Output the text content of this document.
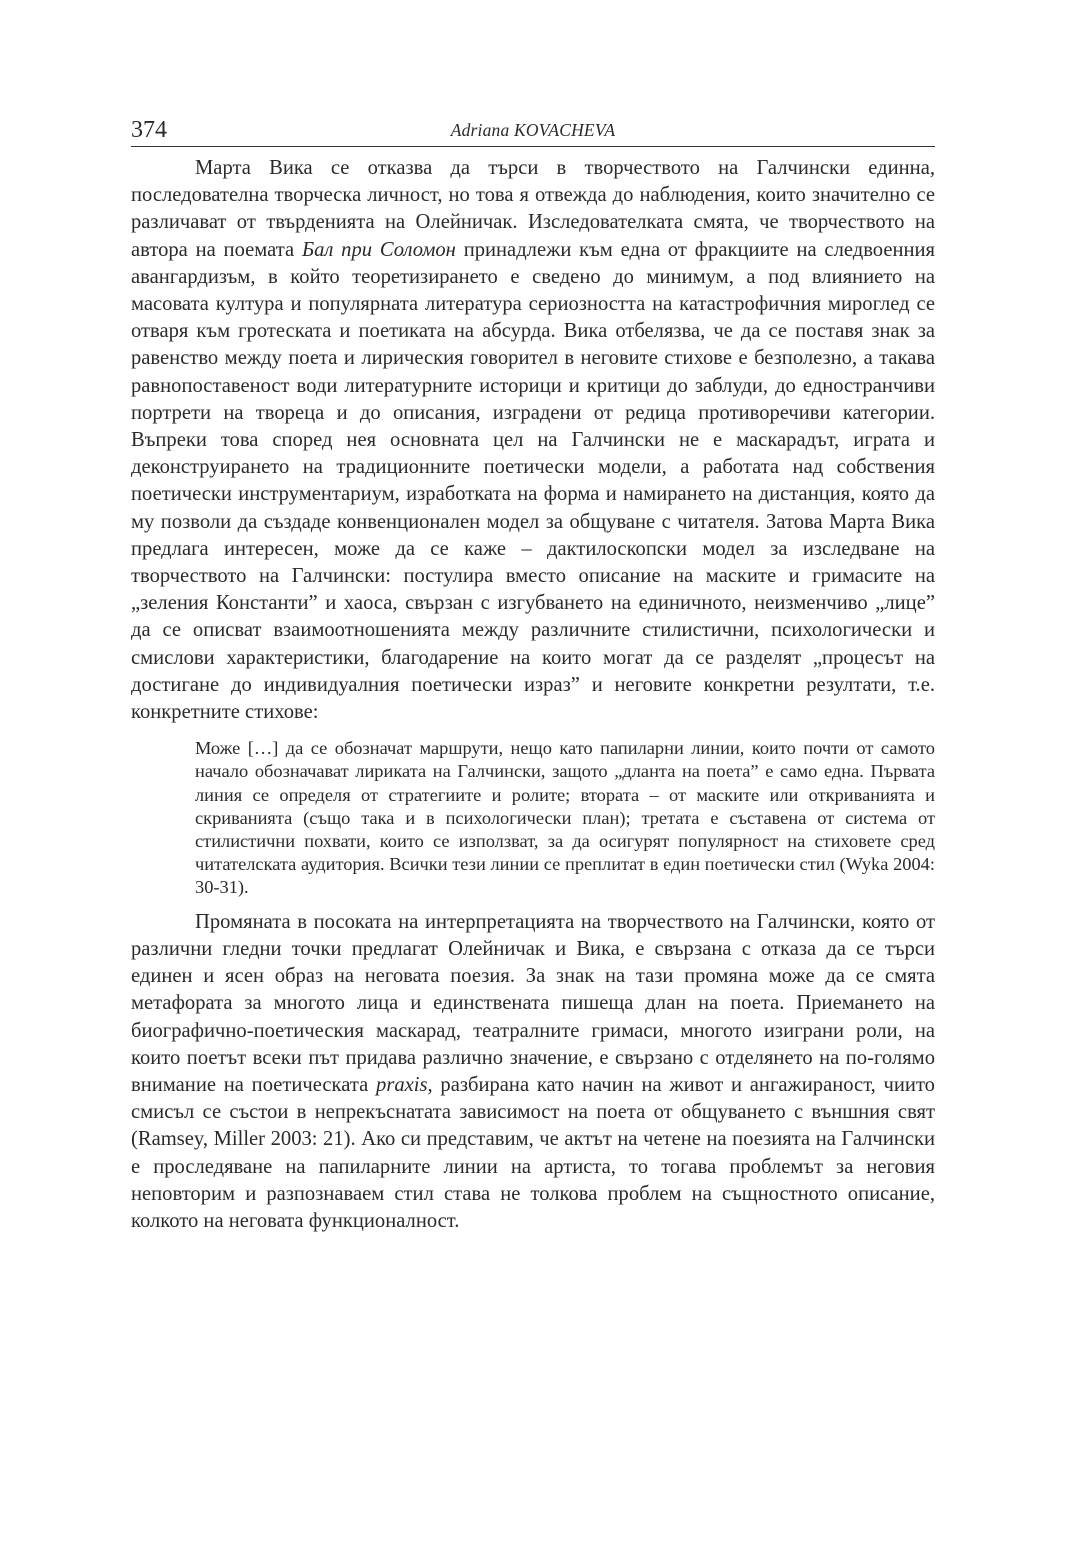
374	Adriana KOVACHEVA

Марта Вика се отказва да търси в творчеството на Галчински единна, последователна творческа личност, но това я отвежда до наблюдения, които значително се различават от твърденията на Олейничак. Изследователката смята, че творчеството на автора на поемата Бал при Соломон принадлежи към една от фракциите на следвоенния авангардизъм, в който теоретизирането е сведено до минимум, а под влиянието на масовата култура и популярната литература сериозността на катастрофичния мироглед се отваря към гротеската и поетиката на абсурда. Вика отбелязва, че да се поставя знак за равенство между поета и лирическия говорител в неговите стихове е безполезно, а такава равнопоставеност води литературните историци и критици до заблуди, до едностранчиви портрети на твореца и до описания, изградени от редица противоречиви категории. Въпреки това според нея основната цел на Галчински не е маскарадът, играта и деконструирането на традиционните поетически модели, а работата над собствения поетически инструментариум, изработката на форма и намирането на дистанция, която да му позволи да създаде конвенционален модел за общуване с читателя. Затова Марта Вика предлага интересен, може да се каже – дактилоскопски модел за изследване на творчеството на Галчински: постулира вместо описание на маските и гримасите на „зеления Константи” и хаоса, свързан с изгубването на единичното, неизменчиво „лице” да се описват взаимоотношенията между различните стилистични, психологически и смислови характеристики, благодарение на които могат да се разделят „процесът на достигане до индивидуалния поетически израз” и неговите конкретни резултати, т.е. конкретните стихове:

Може […] да се обозначат маршрути, нещо като папиларни линии, които почти от самото начало обозначават лириката на Галчински, защото „дланта на поета” е само една. Първата линия се определя от стратегиите и ролите; втората – от маските или откриванията и скриванията (също така и в психологически план); третата е съставена от система от стилистични похвати, които се използват, за да осигурят популярност на стиховете сред читателската аудитория. Всички тези линии се преплитат в един поетически стил (Wyka 2004: 30-31).

Промяната в посоката на интерпретацията на творчеството на Галчински, която от различни гледни точки предлагат Олейничак и Вика, е свързана с отказа да се търси единен и ясен образ на неговата поезия. За знак на тази промяна може да се смята метафората за многото лица и единствената пишеща длан на поета. Приемането на биографично-поетическия маскарад, театралните гримаси, многото изиграни роли, на които поетът всеки път придава различно значение, е свързано с отделянето на по-голямо внимание на поетическата praxis, разбирана като начин на живот и ангажираност, чиито смисъл се състои в непрекъснатата зависимост на поета от общуването с външния свят (Ramsey, Miller 2003: 21). Ако си представим, че актът на четене на поезията на Галчински е проследяване на папиларните линии на артиста, то тогава проблемът за неговия неповторим и разпознаваем стил става не толкова проблем на същностното описание, колкото на неговата функционалност.
